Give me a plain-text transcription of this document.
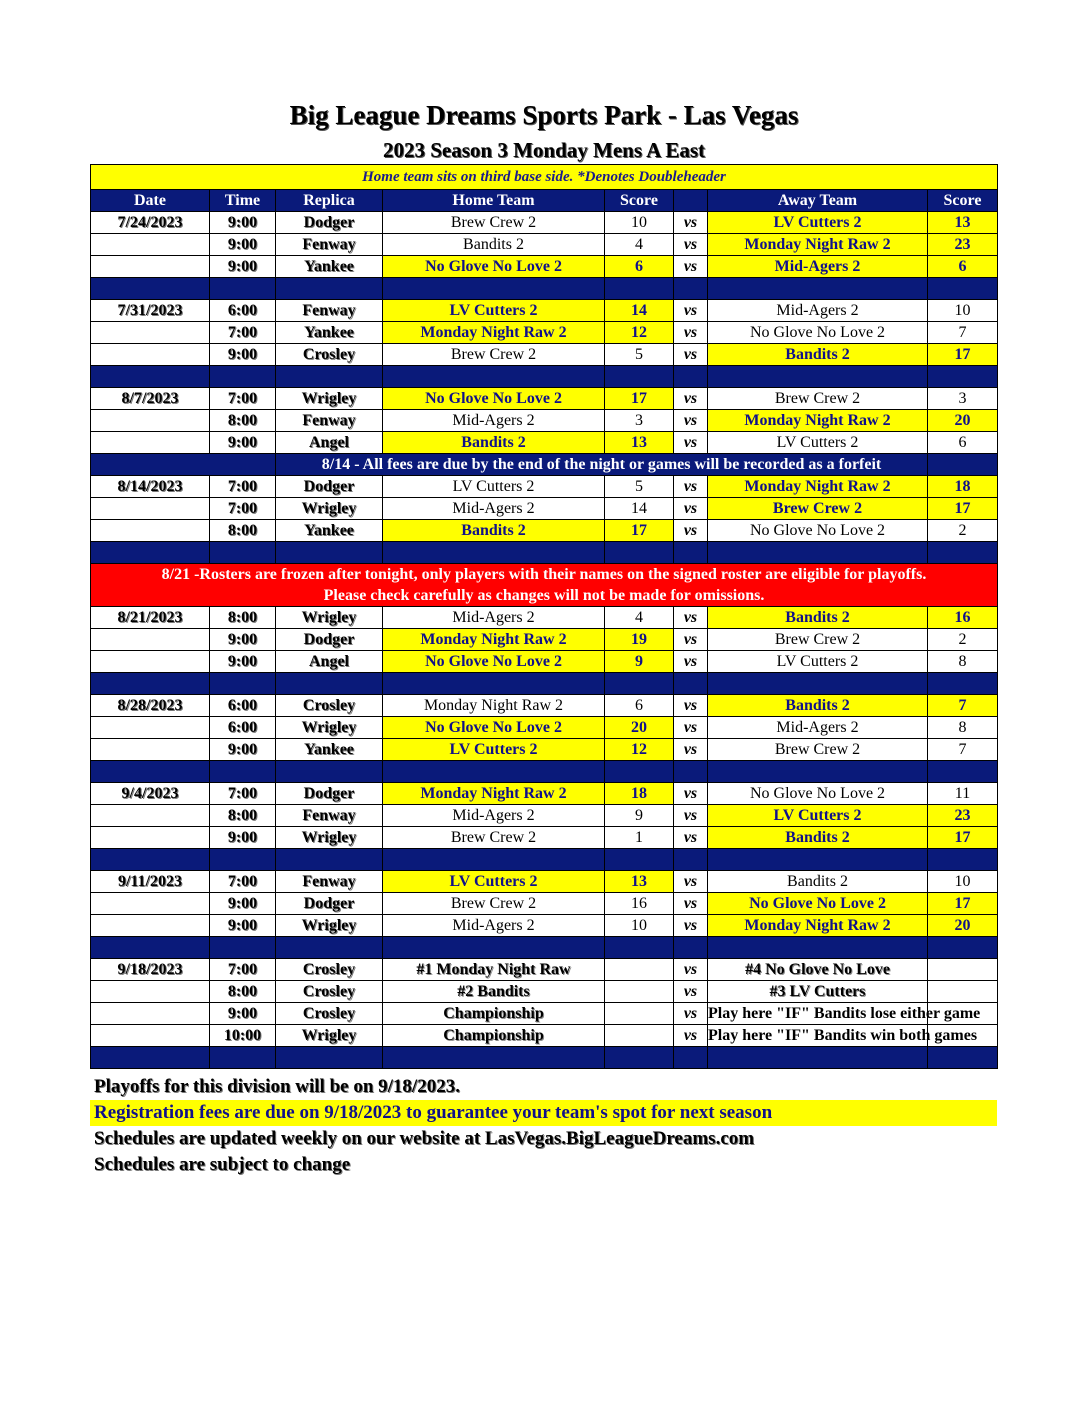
Big League Dreams Sports Park - Las Vegas
2023 Season 3 Monday Mens A East
Home team sits on third base side. *Denotes Doubleheader							
Date	Time	Replica	Home Team	Score		Away Team	Score
7/24/2023	9:00	Dodger	Brew Crew 2	10	vs	LV Cutters 2	13
	9:00	Fenway	Bandits 2	4	vs	Monday Night Raw 2	23
	9:00	Yankee	No Glove No Love 2	6	vs	Mid-Agers 2	6

7/31/2023	6:00	Fenway	LV Cutters 2	14	vs	Mid-Agers 2	10
	7:00	Yankee	Monday Night Raw 2	12	vs	No Glove No Love 2	7
	9:00	Crosley	Brew Crew 2	5	vs	Bandits 2	17

8/7/2023	7:00	Wrigley	No Glove No Love 2	17	vs	Brew Crew 2	3
	8:00	Fenway	Mid-Agers 2	3	vs	Monday Night Raw 2	20
	9:00	Angel	Bandits 2	13	vs	LV Cutters 2	6
		8/14 - All fees are due by the end of the night or games will be recorded as a forfeit					
8/14/2023	7:00	Dodger	LV Cutters 2	5	vs	Monday Night Raw 2	18
	7:00	Wrigley	Mid-Agers 2	14	vs	Brew Crew 2	17
	8:00	Yankee	Bandits 2	17	vs	No Glove No Love 2	2

8/21 -Rosters are frozen after tonight, only players with their names on the signed roster are eligible for playoffs.
Please check carefully as changes will not be made for omissions.							

8/21/2023	8:00	Wrigley	Mid-Agers 2	4	vs	Bandits 2	16
	9:00	Dodger	Monday Night Raw 2	19	vs	Brew Crew 2	2
	9:00	Angel	No Glove No Love 2	9	vs	LV Cutters 2	8

8/28/2023	6:00	Crosley	Monday Night Raw 2	6	vs	Bandits 2	7
	6:00	Wrigley	No Glove No Love 2	20	vs	Mid-Agers 2	8
	9:00	Yankee	LV Cutters 2	12	vs	Brew Crew 2	7

9/4/2023	7:00	Dodger	Monday Night Raw 2	18	vs	No Glove No Love 2	11
	8:00	Fenway	Mid-Agers 2	9	vs	LV Cutters 2	23
	9:00	Wrigley	Brew Crew 2	1	vs	Bandits 2	17

9/11/2023	7:00	Fenway	LV Cutters 2	13	vs	Bandits 2	10
	9:00	Dodger	Brew Crew 2	16	vs	No Glove No Love 2	17
	9:00	Wrigley	Mid-Agers 2	10	vs	Monday Night Raw 2	20

9/18/2023	7:00	Crosley	#1 Monday Night Raw		vs	#4 No Glove No Love	
	8:00	Crosley	#2 Bandits		vs	#3 LV Cutters	
	9:00	Crosley	Championship		vs	Play here "IF" Bandits lose either game	
	10:00	Wrigley	Championship		vs	Play here "IF" Bandits win both games	

Playoffs for this division will be on 9/18/2023.
Registration fees are due on 9/18/2023 to guarantee your team's spot for next season
Schedules are updated weekly on our website at LasVegas.BigLeagueDreams.com
Schedules are subject to change
